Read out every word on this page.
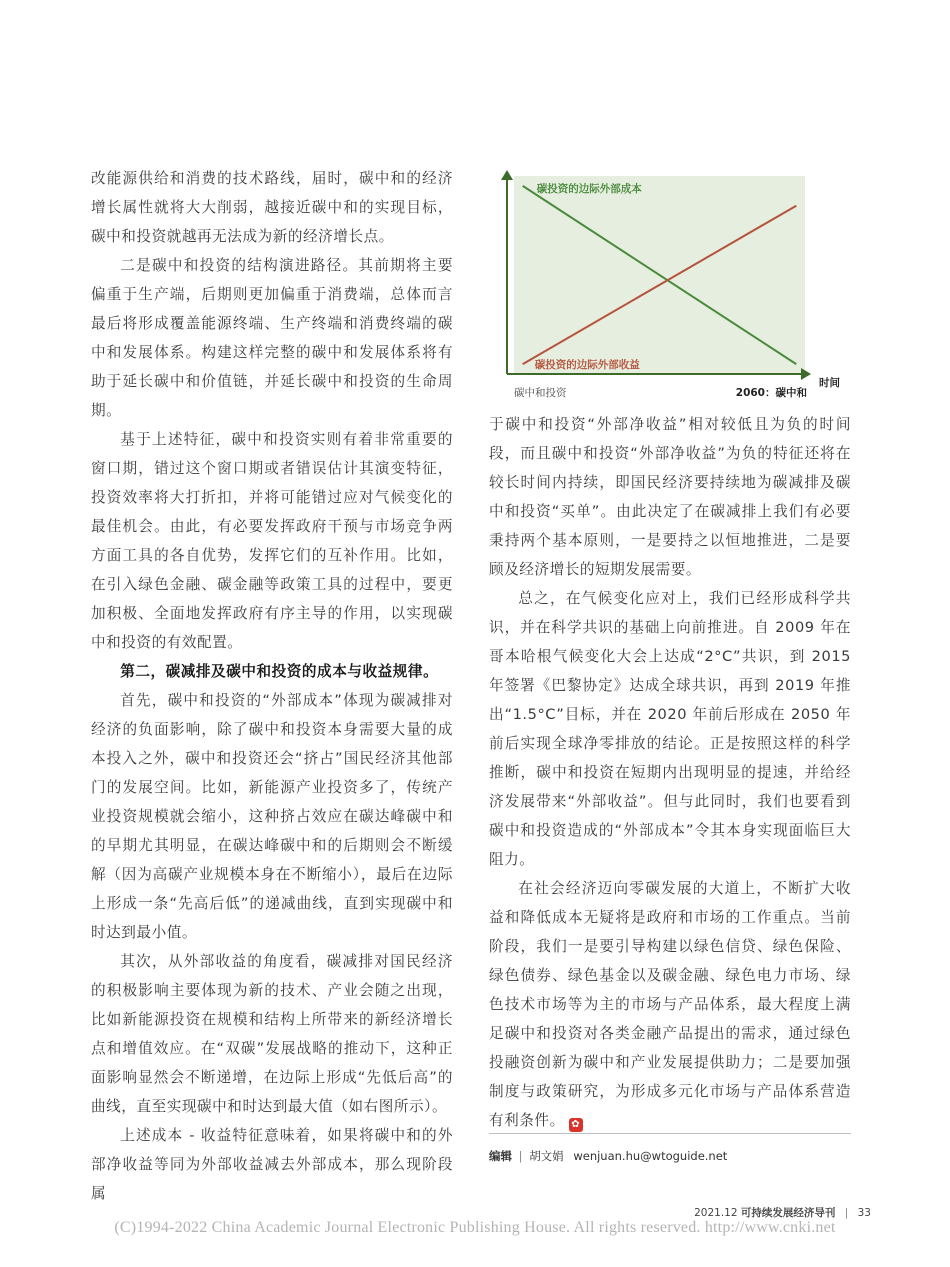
改能源供给和消费的技术路线，届时，碳中和的经济增长属性就将大大削弱，越接近碳中和的实现目标，碳中和投资就越再无法成为新的经济增长点。

二是碳中和投资的结构演进路径。其前期将主要偏重于生产端，后期则更加偏重于消费端，总体而言最后将形成覆盖能源终端、生产终端和消费终端的碳中和发展体系。构建这样完整的碳中和发展体系将有助于延长碳中和价值链，并延长碳中和投资的生命周期。

基于上述特征，碳中和投资实则有着非常重要的窗口期，错过这个窗口期或者错误估计其演变特征，投资效率将大打折扣，并将可能错过应对气候变化的最佳机会。由此，有必要发挥政府干预与市场竞争两方面工具的各自优势，发挥它们的互补作用。比如，在引入绿色金融、碳金融等政策工具的过程中，要更加积极、全面地发挥政府有序主导的作用，以实现碳中和投资的有效配置。

第二，碳减排及碳中和投资的成本与收益规律。

首先，碳中和投资的“外部成本”体现为碳减排对经济的负面影响，除了碳中和投资本身需要大量的成本投入之外，碳中和投资还会“挤占”国民经济其他部门的发展空间。比如，新能源产业投资多了，传统产业投资规模就会缩小，这种挤占效应在碳达峰碳中和的早期尤其明显，在碳达峰碳中和的后期则会不断缓解（因为高碳产业规模本身在不断缩小），最后在边际上形成一条“先高后低”的递减曲线，直到实现碳中和时达到最小值。

其次，从外部收益的角度看，碳减排对国民经济的积极影响主要体现为新的技术、产业会随之出现，比如新能源投资在规模和结构上所带来的新经济增长点和增值效应。在“双碳”发展战略的推动下，这种正面影响显然会不断递增，在边际上形成“先低后高”的曲线，直至实现碳中和时达到最大值（如右图所示）。

上述成本 - 收益特征意味着，如果将碳中和的外部净收益等同为外部收益减去外部成本，那么现阶段属

碳投资的边际外部成本
碳投资的边际外部收益
碳中和投资	2060：碳中和
时间

于碳中和投资“外部净收益”相对较低且为负的时间段，而且碳中和投资“外部净收益”为负的特征还将在较长时间内持续，即国民经济要持续地为碳减排及碳中和投资“买单”。由此决定了在碳减排上我们有必要秉持两个基本原则，一是要持之以恒地推进，二是要顾及经济增长的短期发展需要。

总之，在气候变化应对上，我们已经形成科学共识，并在科学共识的基础上向前推进。自 2009 年在哥本哈根气候变化大会上达成“2°C”共识，到 2015 年签署《巴黎协定》达成全球共识，再到 2019 年推出“1.5°C”目标，并在 2020 年前后形成在 2050 年前后实现全球净零排放的结论。正是按照这样的科学推断，碳中和投资在短期内出现明显的提速，并给经济发展带来“外部收益”。但与此同时，我们也要看到碳中和投资造成的“外部成本”令其本身实现面临巨大阻力。

在社会经济迈向零碳发展的大道上，不断扩大收益和降低成本无疑将是政府和市场的工作重点。当前阶段，我们一是要引导构建以绿色信贷、绿色保险、绿色债券、绿色基金以及碳金融、绿色电力市场、绿色技术市场等为主的市场与产品体系，最大程度上满足碳中和投资对各类金融产品提出的需求，通过绿色投融资创新为碳中和产业发展提供助力；二是要加强制度与政策研究，为形成多元化市场与产品体系营造有利条件。 ✿

编辑 | 胡文娟 wenjuan.hu@wtoguide.net
2021.12 可持续发展经济导刊 | 33
(C)1994-2022 China Academic Journal Electronic Publishing House. All rights reserved. http://www.cnki.net
